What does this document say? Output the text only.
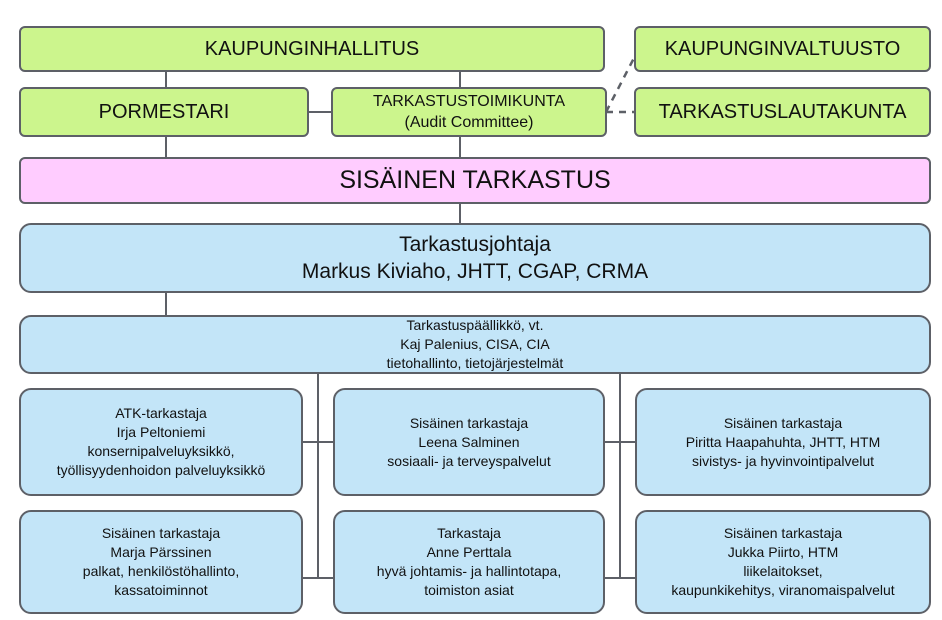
KAUPUNGINHALLITUS	KAUPUNGINVALTUUSTO
PORMESTARI	TARKASTUSTOIMIKUNTA
(Audit Committee)	TARKASTUSLAUTAKUNTA
SISÄINEN TARKASTUS
Tarkastusjohtaja
Markus Kiviaho, JHTT, CGAP, CRMA
Tarkastuspäällikkö, vt.
Kaj Palenius, CISA, CIA
tietohallinto, tietojärjestelmät
ATK-tarkastaja
Irja Peltoniemi
konsernipalveluyksikkö,
työllisyydenhoidon palveluyksikkö
Sisäinen tarkastaja
Leena Salminen
sosiaali- ja terveyspalvelut
Sisäinen tarkastaja
Piritta Haapahuhta, JHTT, HTM
sivistys- ja hyvinvointipalvelut
Sisäinen tarkastaja
Marja Pärssinen
palkat, henkilöstöhallinto,
kassatoiminnot
Tarkastaja
Anne Perttala
hyvä johtamis- ja hallintotapa,
toimiston asiat
Sisäinen tarkastaja
Jukka Piirto, HTM
liikelaitokset,
kaupunkikehitys, viranomaispalvelut
